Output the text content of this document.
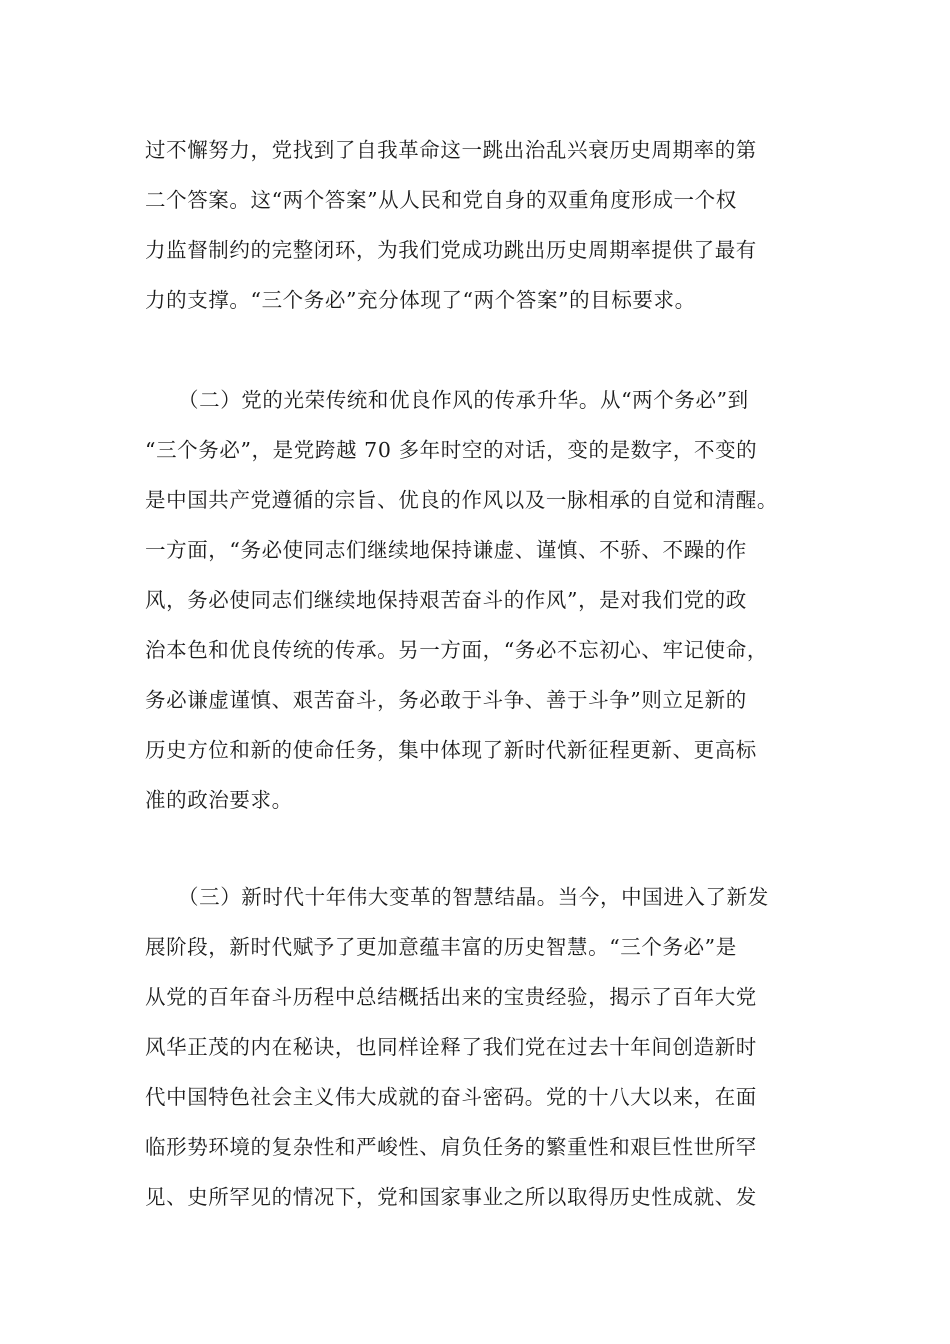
过不懈努力，党找到了自我革命这一跳出治乱兴衰历史周期率的第
二个答案。这“两个答案”从人民和党自身的双重角度形成一个权
力监督制约的完整闭环，为我们党成功跳出历史周期率提供了最有
力的支撑。“三个务必”充分体现了“两个答案”的目标要求。
（二）党的光荣传统和优良作风的传承升华。从“两个务必”到
“三个务必”，是党跨越 70 多年时空的对话，变的是数字，不变的
是中国共产党遵循的宗旨、优良的作风以及一脉相承的自觉和清醒。
一方面，“务必使同志们继续地保持谦虚、谨慎、不骄、不躁的作
风，务必使同志们继续地保持艰苦奋斗的作风”，是对我们党的政
治本色和优良传统的传承。另一方面，“务必不忘初心、牢记使命，
务必谦虚谨慎、艰苦奋斗，务必敢于斗争、善于斗争”则立足新的
历史方位和新的使命任务，集中体现了新时代新征程更新、更高标
准的政治要求。
（三）新时代十年伟大变革的智慧结晶。当今，中国进入了新发
展阶段，新时代赋予了更加意蕴丰富的历史智慧。“三个务必”是
从党的百年奋斗历程中总结概括出来的宝贵经验，揭示了百年大党
风华正茂的内在秘诀，也同样诠释了我们党在过去十年间创造新时
代中国特色社会主义伟大成就的奋斗密码。党的十八大以来，在面
临形势环境的复杂性和严峻性、肩负任务的繁重性和艰巨性世所罕
见、史所罕见的情况下，党和国家事业之所以取得历史性成就、发
